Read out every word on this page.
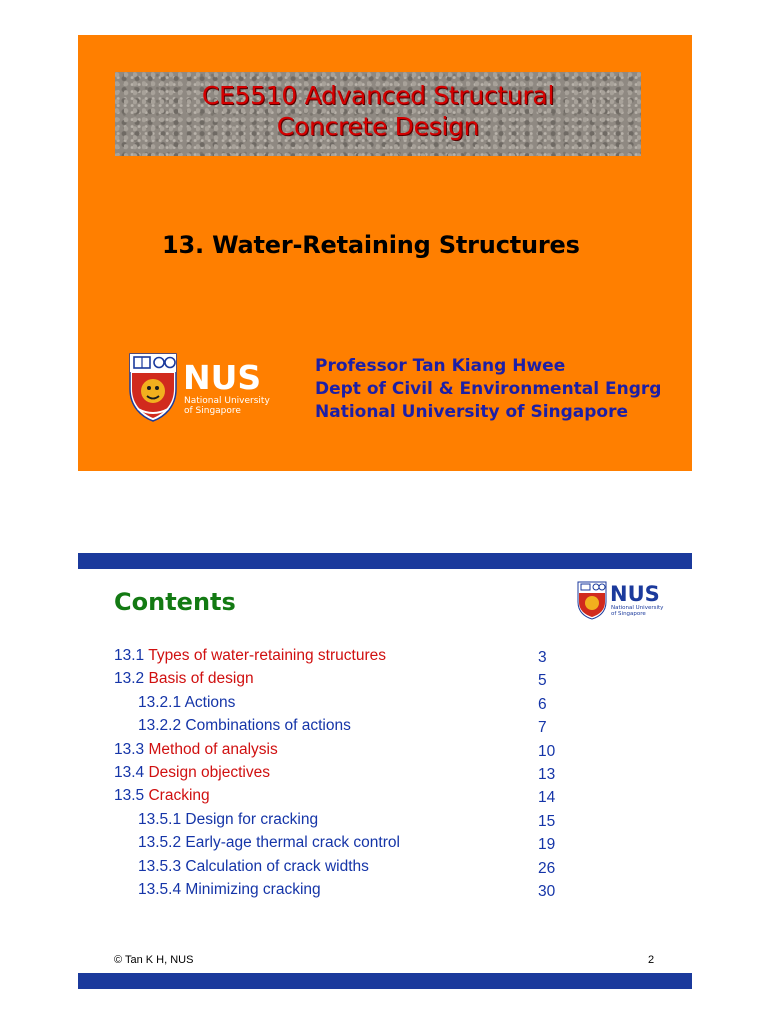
CE5510 Advanced Structural
Concrete Design
13. Water-Retaining Structures
NUS
National University
of Singapore
Professor Tan Kiang Hwee
Dept of Civil & Environmental Engrg
National University of Singapore
Contents	NUS
National University
of Singapore
13.1 Types of water-retaining structures	3
13.2 Basis of design	5
13.2.1 Actions	6
13.2.2 Combinations of actions	7
13.3 Method of analysis	10
13.4 Design objectives	13
13.5 Cracking	14
13.5.1 Design for cracking	15
13.5.2 Early-age thermal crack control	19
13.5.3 Calculation of crack widths	26
13.5.4 Minimizing cracking	30
© Tan K H, NUS	2
